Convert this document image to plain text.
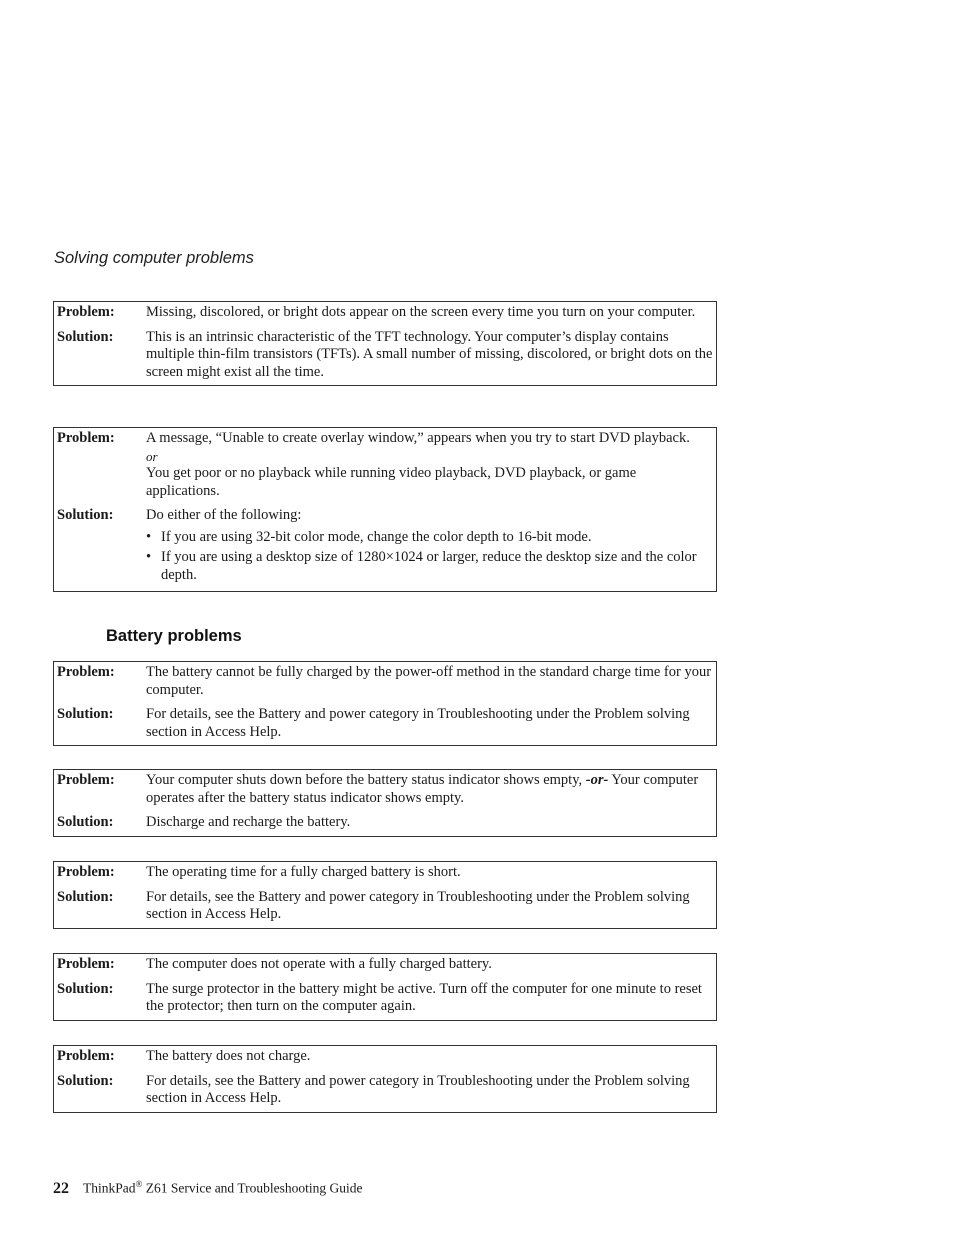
Solving computer problems
Problem:	Missing, discolored, or bright dots appear on the screen every time you turn on your computer.
Solution:	This is an intrinsic characteristic of the TFT technology. Your computer’s display contains multiple thin-film transistors (TFTs). A small number of missing, discolored, or bright dots on the screen might exist all the time.
Problem:	A message, “Unable to create overlay window,” appears when you try to start DVD playback.

or

You get poor or no playback while running video playback, DVD playback, or game applications.

Solution:	Do either of the following:

• If you are using 32-bit color mode, change the color depth to 16-bit mode.
• If you are using a desktop size of 1280×1024 or larger, reduce the desktop size and the color depth.
Battery problems
Problem:	The battery cannot be fully charged by the power-off method in the standard charge time for your computer.
Solution:	For details, see the Battery and power category in Troubleshooting under the Problem solving section in Access Help.
Problem:	Your computer shuts down before the battery status indicator shows empty, -or- Your computer operates after the battery status indicator shows empty.
Solution:	Discharge and recharge the battery.
Problem:	The operating time for a fully charged battery is short.
Solution:	For details, see the Battery and power category in Troubleshooting under the Problem solving section in Access Help.
Problem:	The computer does not operate with a fully charged battery.
Solution:	The surge protector in the battery might be active. Turn off the computer for one minute to reset the protector; then turn on the computer again.
Problem:	The battery does not charge.
Solution:	For details, see the Battery and power category in Troubleshooting under the Problem solving section in Access Help.
22 ThinkPad® Z61 Service and Troubleshooting Guide
